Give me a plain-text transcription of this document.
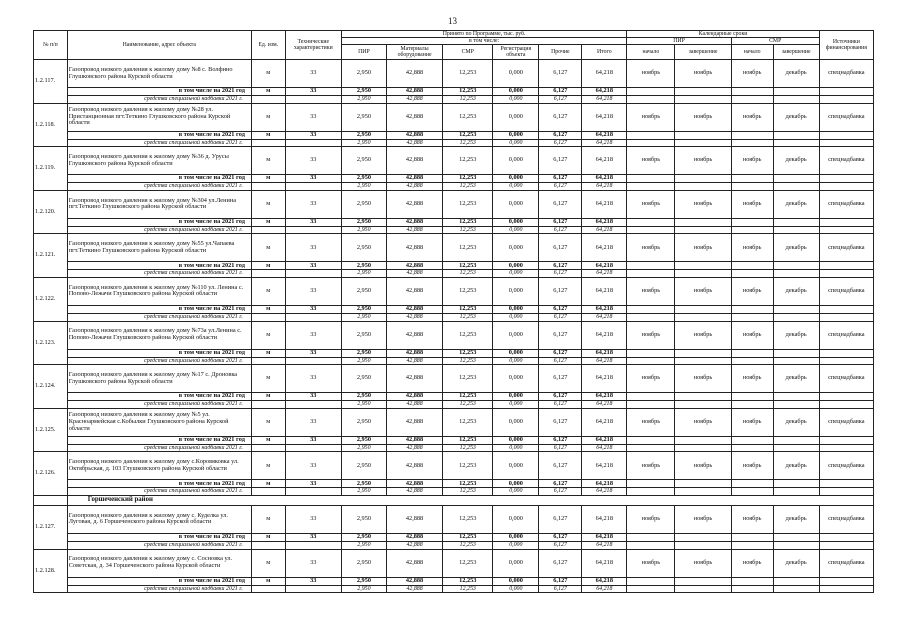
13
№ п/п	Наименование, адрес объекта	Ед. изм.	Технические характеристики	Принято по Программе, тыс. руб.						Календарные сроки				Источники финансирования
				в том числе:						ПИР		СМР		
				ПИР	Материалы оборудование	СМР	Регистрация объекта	Прочие	Итого	начало	завершение	начало	завершение	
1.2.117.	Газопровод низкого давления к жилому дому №8 с. Волфино Глушковского района Курской области	м	33	2,950	42,888	12,253	0,000	6,127	64,218	ноябрь	ноябрь	ноябрь	декабрь	спецнадбавка
	в том числе на 2021 год	м	33	2,950	42,888	12,253	0,000	6,127	64,218					
	средства специальной надбавки 2021 г.			2,950	42,888	12,253	0,000	6,127	64,218					
1.2.118.	Газопровод низкого давления к жилому дому №28 ул. Пристанционная пгт.Теткино Глушковского района Курской области	м	33	2,950	42,888	12,253	0,000	6,127	64,218	ноябрь	ноябрь	ноябрь	декабрь	спецнадбавка
	в том числе на 2021 год	м	33	2,950	42,888	12,253	0,000	6,127	64,218					
	средства специальной надбавки 2021 г.			2,950	42,888	12,253	0,000	6,127	64,218					
1.2.119.	Газопровод низкого давления к жилому дому №36 д. Урусы Глушковского района Курской области	м	33	2,950	42,888	12,253	0,000	6,127	64,218	ноябрь	ноябрь	ноябрь	декабрь	спецнадбавка
	в том числе на 2021 год	м	33	2,950	42,888	12,253	0,000	6,127	64,218					
	средства специальной надбавки 2021 г.			2,950	42,888	12,253	0,000	6,127	64,218					
1.2.120.	Газопровод низкого давления к жилому дому №304 ул.Ленина пгт.Теткино Глушковского района Курской области	м	33	2,950	42,888	12,253	0,000	6,127	64,218	ноябрь	ноябрь	ноябрь	декабрь	спецнадбавка
	в том числе на 2021 год	м	33	2,950	42,888	12,253	0,000	6,127	64,218					
	средства специальной надбавки 2021 г.			2,950	42,888	12,253	0,000	6,127	64,218					
1.2.121.	Газопровод низкого давления к жилому дому №55 ул.Чапаева пгт.Теткино Глушковского района Курской области	м	33	2,950	42,888	12,253	0,000	6,127	64,218	ноябрь	ноябрь	ноябрь	декабрь	спецнадбавка
	в том числе на 2021 год	м	33	2,950	42,888	12,253	0,000	6,127	64,218					
	средства специальной надбавки 2021 г.			2,950	42,888	12,253	0,000	6,127	64,218					
1.2.122.	Газопровод низкого давления к жилому дому №110 ул. Ленина с. Попово-Лежачи Глушковского района Курской области	м	33	2,950	42,888	12,253	0,000	6,127	64,218	ноябрь	ноябрь	ноябрь	декабрь	спецнадбавка
	в том числе на 2021 год	м	33	2,950	42,888	12,253	0,000	6,127	64,218					
	средства специальной надбавки 2021 г.			2,950	42,888	12,253	0,000	6,127	64,218					
1.2.123.	Газопровод низкого давления к жилому дому №73а ул.Ленина с. Попово-Лежачи Глушковского района Курской области	м	33	2,950	42,888	12,253	0,000	6,127	64,218	ноябрь	ноябрь	ноябрь	декабрь	спецнадбавка
	в том числе на 2021 год	м	33	2,950	42,888	12,253	0,000	6,127	64,218					
	средства специальной надбавки 2021 г.			2,950	42,888	12,253	0,000	6,127	64,218					
1.2.124.	Газопровод низкого давления к жилому дому №17 с. Дроновка Глушковского района Курской области	м	33	2,950	42,888	12,253	0,000	6,127	64,218	ноябрь	ноябрь	ноябрь	декабрь	спецнадбавка
	в том числе на 2021 год	м	33	2,950	42,888	12,253	0,000	6,127	64,218					
	средства специальной надбавки 2021 г.			2,950	42,888	12,253	0,000	6,127	64,218					
1.2.125.	Газопровод низкого давления к жилому дому №5 ул. Красноармейская с.Кобылки Глушковского района Курской области	м	33	2,950	42,888	12,253	0,000	6,127	64,218	ноябрь	ноябрь	ноябрь	декабрь	спецнадбавка
	в том числе на 2021 год	м	33	2,950	42,888	12,253	0,000	6,127	64,218					
	средства специальной надбавки 2021 г.			2,950	42,888	12,253	0,000	6,127	64,218					
1.2.126.	Газопровод низкого давления к жилому дому с.Коровяковка ул. Октябрьская, д. 103 Глушковского района Курской области	м	33	2,950	42,888	12,253	0,000	6,127	64,218	ноябрь	ноябрь	ноябрь	декабрь	спецнадбавка
	в том числе на 2021 год	м	33	2,950	42,888	12,253	0,000	6,127	64,218					
	средства специальной надбавки 2021 г.			2,950	42,888	12,253	0,000	6,127	64,218					
	Горшеченский район													
1.2.127.	Газопровод низкого давления к жилому дому с. Куделка ул. Луговая, д. 6 Горшеченского района Курской области	м	33	2,950	42,888	12,253	0,000	6,127	64,218	ноябрь	ноябрь	ноябрь	декабрь	спецнадбавка
	в том числе на 2021 год	м	33	2,950	42,888	12,253	0,000	6,127	64,218					
	средства специальной надбавки 2021 г.			2,950	42,888	12,253	0,000	6,127	64,218					
1.2.128.	Газопровод низкого давления к жилому дому с. Сосновка ул. Советская, д. 34 Горшеченского района Курской области	м	33	2,950	42,888	12,253	0,000	6,127	64,218	ноябрь	ноябрь	ноябрь	декабрь	спецнадбавка
	в том числе на 2021 год	м	33	2,950	42,888	12,253	0,000	6,127	64,218					
	средства специальной надбавки 2021 г.			2,950	42,888	12,253	0,000	6,127	64,218					
